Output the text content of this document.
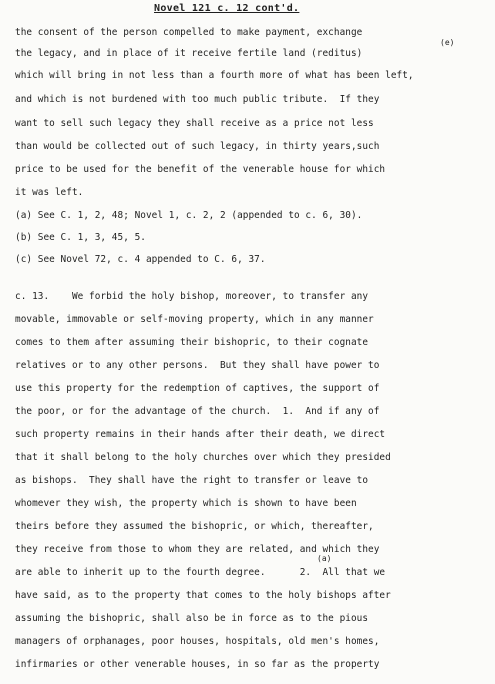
Novel 121 c. 12 cont'd.
the consent of the person compelled to make payment, exchange
the legacy, and in place of it receive fertile land (reditus)
(e)
which will bring in not less than a fourth more of what has been left,
and which is not burdened with too much public tribute.  If they
want to sell such legacy they shall receive as a price not less
than would be collected out of such legacy, in thirty years,such
price to be used for the benefit of the venerable house for which
it was left.
(a) See C. 1, 2, 48; Novel 1, c. 2, 2 (appended to c. 6, 30).
(b) See C. 1, 3, 45, 5.
(c) See Novel 72, c. 4 appended to C. 6, 37.
c. 13.    We forbid the holy bishop, moreover, to transfer any
movable, immovable or self-moving property, which in any manner
comes to them after assuming their bishopric, to their cognate
relatives or to any other persons.  But they shall have power to
use this property for the redemption of captives, the support of
the poor, or for the advantage of the church.  1.  And if any of
such property remains in their hands after their death, we direct
that it shall belong to the holy churches over which they presided
as bishops.  They shall have the right to transfer or leave to
whomever they wish, the property which is shown to have been
theirs before they assumed the bishopric, or which, thereafter,
they receive from those to whom they are related, and which they
(a)
are able to inherit up to the fourth degree.      2.  All that we
have said, as to the property that comes to the holy bishops after
assuming the bishopric, shall also be in force as to the pious
managers of orphanages, poor houses, hospitals, old men's homes,
infirmaries or other venerable houses, in so far as the property
